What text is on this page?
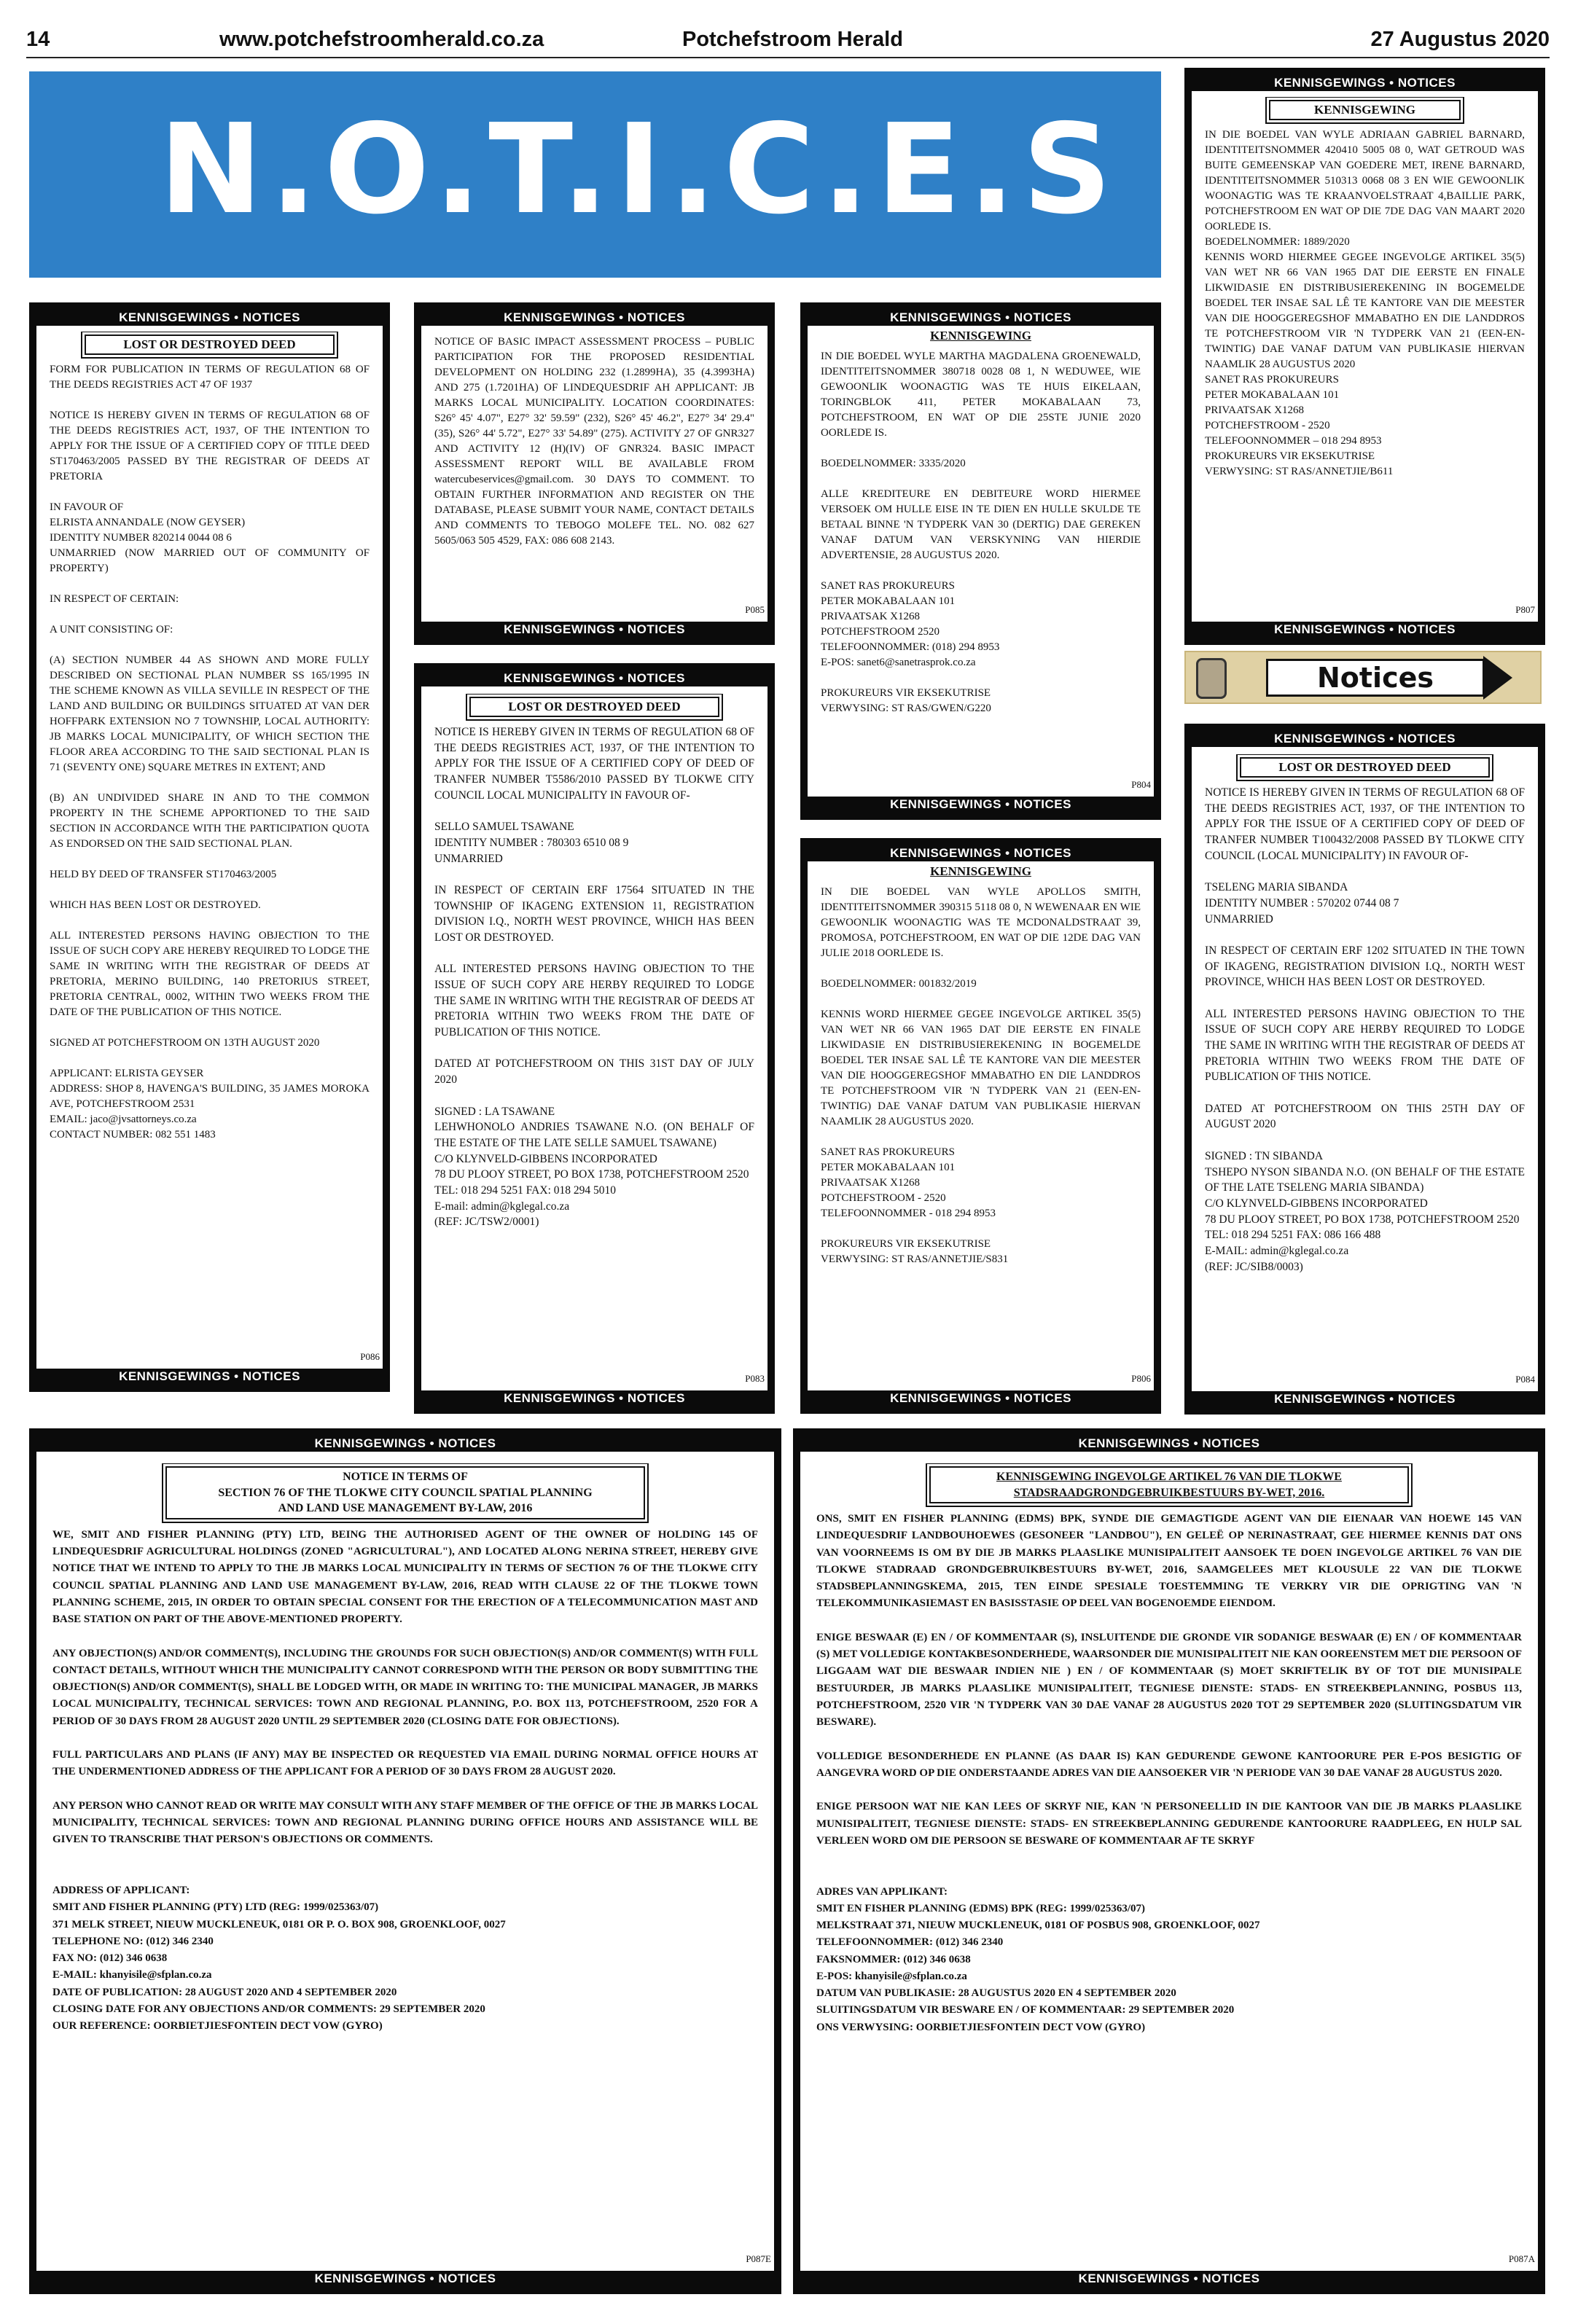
14	www.potchefstroomherald.co.za	Potchefstroom Herald	27 Augustus 2020
N.O.T.I.C.E.S
Notices
KENNISGEWINGS • NOTICES
LOST OR DESTROYED DEED
FORM FOR PUBLICATION IN TERMS OF REGULATION 68 OF THE DEEDS REGISTRIES ACT 47 OF 1937

NOTICE IS HEREBY GIVEN IN TERMS OF REGULATION 68 OF THE DEEDS REGISTRIES ACT, 1937, OF THE INTENTION TO APPLY FOR THE ISSUE OF A CERTIFIED COPY OF TITLE DEED ST170463/2005 PASSED BY THE REGISTRAR OF DEEDS AT PRETORIA

IN FAVOUR OF
ELRISTA ANNANDALE (NOW GEYSER)
IDENTITY NUMBER 820214 0044 08 6
UNMARRIED (NOW MARRIED OUT OF COMMUNITY OF PROPERTY)

IN RESPECT OF CERTAIN:

A UNIT CONSISTING OF:

(A) SECTION NUMBER 44 AS SHOWN AND MORE FULLY DESCRIBED ON SECTIONAL PLAN NUMBER SS 165/1995 IN THE SCHEME KNOWN AS VILLA SEVILLE IN RESPECT OF THE LAND AND BUILDING OR BUILDINGS SITUATED AT VAN DER HOFFPARK EXTENSION NO 7 TOWNSHIP, LOCAL AUTHORITY: JB MARKS LOCAL MUNICIPALITY, OF WHICH SECTION THE FLOOR AREA ACCORDING TO THE SAID SECTIONAL PLAN IS 71 (SEVENTY ONE) SQUARE METRES IN EXTENT; AND

(B) AN UNDIVIDED SHARE IN AND TO THE COMMON PROPERTY IN THE SCHEME APPORTIONED TO THE SAID SECTION IN ACCORDANCE WITH THE PARTICIPATION QUOTA AS ENDORSED ON THE SAID SECTIONAL PLAN.

HELD BY DEED OF TRANSFER ST170463/2005

WHICH HAS BEEN LOST OR DESTROYED.

ALL INTERESTED PERSONS HAVING OBJECTION TO THE ISSUE OF SUCH COPY ARE HEREBY REQUIRED TO LODGE THE SAME IN WRITING WITH THE REGISTRAR OF DEEDS AT PRETORIA, MERINO BUILDING, 140 PRETORIUS STREET, PRETORIA CENTRAL, 0002, WITHIN TWO WEEKS FROM THE DATE OF THE PUBLICATION OF THIS NOTICE.

SIGNED AT POTCHEFSTROOM ON 13TH AUGUST 2020

APPLICANT: ELRISTA GEYSER
ADDRESS: SHOP 8, HAVENGA'S BUILDING, 35 JAMES MOROKA AVE, POTCHEFSTROOM 2531
EMAIL: jaco@jvsattorneys.co.za
CONTACT NUMBER: 082 551 1483
P086
KENNISGEWINGS • NOTICES
KENNISGEWINGS • NOTICES
NOTICE OF BASIC IMPACT ASSESSMENT PROCESS – PUBLIC PARTICIPATION FOR THE PROPOSED RESIDENTIAL DEVELOPMENT ON HOLDING 232 (1.2899HA), 35 (4.3993HA) AND 275 (1.7201HA) OF LINDEQUESDRIF AH APPLICANT: JB MARKS LOCAL MUNICIPALITY. LOCATION COORDINATES: S26° 45' 4.07", E27° 32' 59.59" (232), S26° 45' 46.2", E27° 34' 29.4" (35), S26° 44' 5.72", E27° 33' 54.89" (275). ACTIVITY 27 OF GNR327 AND ACTIVITY 12 (H)(IV) OF GNR324. BASIC IMPACT ASSESSMENT REPORT WILL BE AVAILABLE FROM watercubeservices@gmail.com. 30 DAYS TO COMMENT. TO OBTAIN FURTHER INFORMATION AND REGISTER ON THE DATABASE, PLEASE SUBMIT YOUR NAME, CONTACT DETAILS AND COMMENTS TO TEBOGO MOLEFE TEL. NO. 082 627 5605/063 505 4529, FAX: 086 608 2143.
P085
KENNISGEWINGS • NOTICES
KENNISGEWINGS • NOTICES
LOST OR DESTROYED DEED
NOTICE IS HEREBY GIVEN IN TERMS OF REGULATION 68 OF THE DEEDS REGISTRIES ACT, 1937, OF THE INTENTION TO APPLY FOR THE ISSUE OF A CERTIFIED COPY OF DEED OF TRANFER NUMBER T5586/2010 PASSED BY TLOKWE CITY COUNCIL LOCAL MUNICIPALITY IN FAVOUR OF-

SELLO SAMUEL TSAWANE
IDENTITY NUMBER : 780303 6510 08 9
UNMARRIED

IN RESPECT OF CERTAIN ERF 17564 SITUATED IN THE TOWNSHIP OF IKAGENG EXTENSION 11, REGISTRATION DIVISION I.Q., NORTH WEST PROVINCE, WHICH HAS BEEN LOST OR DESTROYED.

ALL INTERESTED PERSONS HAVING OBJECTION TO THE ISSUE OF SUCH COPY ARE HERBY REQUIRED TO LODGE THE SAME IN WRITING WITH THE REGISTRAR OF DEEDS AT PRETORIA WITHIN TWO WEEKS FROM THE DATE OF PUBLICATION OF THIS NOTICE.

DATED AT POTCHEFSTROOM ON THIS 31ST DAY OF JULY 2020

SIGNED : LA TSAWANE
LEHWHONOLO ANDRIES TSAWANE N.O. (ON BEHALF OF THE ESTATE OF THE LATE SELLE SAMUEL TSAWANE)
C/O KLYNVELD-GIBBENS INCORPORATED
78 DU PLOOY STREET, PO BOX 1738, POTCHEFSTROOM 2520
TEL: 018 294 5251 FAX: 018 294 5010
E-mail: admin@kglegal.co.za
(REF: JC/TSW2/0001)
P083
KENNISGEWINGS • NOTICES
KENNISGEWINGS • NOTICES
KENNISGEWING
IN DIE BOEDEL WYLE MARTHA MAGDALENA GROENEWALD, IDENTITEITSNOMMER 380718 0028 08 1, N WEDUWEE, WIE GEWOONLIK WOONAGTIG WAS TE HUIS EIKELAAN, TORINGBLOK 411, PETER MOKABALAAN 73, POTCHEFSTROOM, EN WAT OP DIE 25STE JUNIE 2020 OORLEDE IS.

BOEDELNOMMER: 3335/2020

ALLE KREDITEURE EN DEBITEURE WORD HIERMEE VERSOEK OM HULLE EISE IN TE DIEN EN HULLE SKULDE TE BETAAL BINNE 'N TYDPERK VAN 30 (DERTIG) DAE GEREKEN VANAF DATUM VAN VERSKYNING VAN HIERDIE ADVERTENSIE, 28 AUGUSTUS 2020.

SANET RAS PROKUREURS
PETER MOKABALAAN 101
PRIVAATSAK X1268
POTCHEFSTROOM 2520
TELEFOONNOMMER: (018) 294 8953
E-POS: sanet6@sanetrasprok.co.za

PROKUREURS VIR EKSEKUTRISE
VERWYSING: ST RAS/GWEN/G220
P804
KENNISGEWINGS • NOTICES
KENNISGEWINGS • NOTICES
KENNISGEWING
IN DIE BOEDEL VAN WYLE APOLLOS SMITH, IDENTITEITSNOMMER 390315 5118 08 0, N WEWENAAR EN WIE GEWOONLIK WOONAGTIG WAS TE MCDONALDSTRAAT 39, PROMOSA, POTCHEFSTROOM, EN WAT OP DIE 12DE DAG VAN JULIE 2018 OORLEDE IS.

BOEDELNOMMER: 001832/2019

KENNIS WORD HIERMEE GEGEE INGEVOLGE ARTIKEL 35(5) VAN WET NR 66 VAN 1965 DAT DIE EERSTE EN FINALE LIKWIDASIE EN DISTRIBUSIEREKENING IN BOGEMELDE BOEDEL TER INSAE SAL LÊ TE KANTORE VAN DIE MEESTER VAN DIE HOOGGEREGSHOF MMABATHO EN DIE LANDDROS TE POTCHEFSTROOM VIR 'N TYDPERK VAN 21 (EEN-EN-TWINTIG) DAE VANAF DATUM VAN PUBLIKASIE HIERVAN NAAMLIK 28 AUGUSTUS 2020.

SANET RAS PROKUREURS
PETER MOKABALAAN 101
PRIVAATSAK X1268
POTCHEFSTROOM - 2520
TELEFOONNOMMER - 018 294 8953

PROKUREURS VIR EKSEKUTRISE
VERWYSING: ST RAS/ANNETJIE/S831
P806
KENNISGEWINGS • NOTICES
KENNISGEWINGS • NOTICES
KENNISGEWING
IN DIE BOEDEL VAN WYLE ADRIAAN GABRIEL BARNARD, IDENTITEITSNOMMER 420410 5005 08 0, WAT GETROUD WAS BUITE GEMEENSKAP VAN GOEDERE MET, IRENE BARNARD, IDENTITEITSNOMMER 510313 0068 08 3 EN WIE GEWOONLIK WOONAGTIG WAS TE KRAANVOELSTRAAT 4,BAILLIE PARK, POTCHEFSTROOM EN WAT OP DIE 7DE DAG VAN MAART 2020 OORLEDE IS.
BOEDELNOMMER: 1889/2020
KENNIS WORD HIERMEE GEGEE INGEVOLGE ARTIKEL 35(5) VAN WET NR 66 VAN 1965 DAT DIE EERSTE EN FINALE LIKWIDASIE EN DISTRIBUSIEREKENING IN BOGEMELDE BOEDEL TER INSAE SAL LÊ TE KANTORE VAN DIE MEESTER VAN DIE HOOGGEREGSHOF MMABATHO EN DIE LANDDROS TE POTCHEFSTROOM VIR 'N TYDPERK VAN 21 (EEN-EN-TWINTIG) DAE VANAF DATUM VAN PUBLIKASIE HIERVAN NAAMLIK 28 AUGUSTUS 2020
SANET RAS PROKUREURS
PETER MOKABALAAN 101
PRIVAATSAK X1268
POTCHEFSTROOM - 2520
TELEFOONNOMMER – 018 294 8953
PROKUREURS VIR EKSEKUTRISE
VERWYSING: ST RAS/ANNETJIE/B611
P807
KENNISGEWINGS • NOTICES
KENNISGEWINGS • NOTICES
LOST OR DESTROYED DEED
NOTICE IS HEREBY GIVEN IN TERMS OF REGULATION 68 OF THE DEEDS REGISTRIES ACT, 1937, OF THE INTENTION TO APPLY FOR THE ISSUE OF A CERTIFIED COPY OF DEED OF TRANFER NUMBER T100432/2008 PASSED BY TLOKWE CITY COUNCIL (LOCAL MUNICIPALITY) IN FAVOUR OF-

TSELENG MARIA SIBANDA
IDENTITY NUMBER : 570202 0744 08 7
UNMARRIED

IN RESPECT OF CERTAIN ERF 1202 SITUATED IN THE TOWN OF IKAGENG, REGISTRATION DIVISION I.Q., NORTH WEST PROVINCE, WHICH HAS BEEN LOST OR DESTROYED.

ALL INTERESTED PERSONS HAVING OBJECTION TO THE ISSUE OF SUCH COPY ARE HERBY REQUIRED TO LODGE THE SAME IN WRITING WITH THE REGISTRAR OF DEEDS AT PRETORIA WITHIN TWO WEEKS FROM THE DATE OF PUBLICATION OF THIS NOTICE.

DATED AT POTCHEFSTROOM ON THIS 25TH DAY OF AUGUST 2020

SIGNED : TN SIBANDA
TSHEPO NYSON SIBANDA N.O. (ON BEHALF OF THE ESTATE OF THE LATE TSELENG MARIA SIBANDA)
C/O KLYNVELD-GIBBENS INCORPORATED
78 DU PLOOY STREET, PO BOX 1738, POTCHEFSTROOM 2520
TEL: 018 294 5251 FAX: 086 166 488
E-MAIL: admin@kglegal.co.za
(REF: JC/SIB8/0003)
P084
KENNISGEWINGS • NOTICES
KENNISGEWINGS • NOTICES
NOTICE IN TERMS OF
SECTION 76 OF THE TLOKWE CITY COUNCIL SPATIAL PLANNING
AND LAND USE MANAGEMENT BY-LAW, 2016
WE, SMIT AND FISHER PLANNING (PTY) LTD, BEING THE AUTHORISED AGENT OF THE OWNER OF HOLDING 145 OF LINDEQUESDRIF AGRICULTURAL HOLDINGS (ZONED "AGRICULTURAL"), AND LOCATED ALONG NERINA STREET, HEREBY GIVE NOTICE THAT WE INTEND TO APPLY TO THE JB MARKS LOCAL MUNICIPALITY IN TERMS OF SECTION 76 OF THE TLOKWE CITY COUNCIL SPATIAL PLANNING AND LAND USE MANAGEMENT BY-LAW, 2016, READ WITH CLAUSE 22 OF THE TLOKWE TOWN PLANNING SCHEME, 2015, IN ORDER TO OBTAIN SPECIAL CONSENT FOR THE ERECTION OF A TELECOMMUNICATION MAST AND BASE STATION ON PART OF THE ABOVE-MENTIONED PROPERTY.

ANY OBJECTION(S) AND/OR COMMENT(S), INCLUDING THE GROUNDS FOR SUCH OBJECTION(S) AND/OR COMMENT(S) WITH FULL CONTACT DETAILS, WITHOUT WHICH THE MUNICIPALITY CANNOT CORRESPOND WITH THE PERSON OR BODY SUBMITTING THE OBJECTION(S) AND/OR COMMENT(S), SHALL BE LODGED WITH, OR MADE IN WRITING TO: THE MUNICIPAL MANAGER, JB MARKS LOCAL MUNICIPALITY, TECHNICAL SERVICES: TOWN AND REGIONAL PLANNING, P.O. BOX 113, POTCHEFSTROOM, 2520 FOR A PERIOD OF 30 DAYS FROM 28 AUGUST 2020 UNTIL 29 SEPTEMBER 2020 (CLOSING DATE FOR OBJECTIONS).

FULL PARTICULARS AND PLANS (IF ANY) MAY BE INSPECTED OR REQUESTED VIA EMAIL DURING NORMAL OFFICE HOURS AT THE UNDERMENTIONED ADDRESS OF THE APPLICANT FOR A PERIOD OF 30 DAYS FROM 28 AUGUST 2020.

ANY PERSON WHO CANNOT READ OR WRITE MAY CONSULT WITH ANY STAFF MEMBER OF THE OFFICE OF THE JB MARKS LOCAL MUNICIPALITY, TECHNICAL SERVICES: TOWN AND REGIONAL PLANNING DURING OFFICE HOURS AND ASSISTANCE WILL BE GIVEN TO TRANSCRIBE THAT PERSON'S OBJECTIONS OR COMMENTS.

ADDRESS OF APPLICANT:
SMIT AND FISHER PLANNING (PTY) LTD (REG: 1999/025363/07)
371 MELK STREET, NIEUW MUCKLENEUK, 0181 OR P. O. BOX 908, GROENKLOOF, 0027
TELEPHONE NO: (012) 346 2340
FAX NO: (012) 346 0638
E-MAIL: khanyisile@sfplan.co.za
DATE OF PUBLICATION: 28 AUGUST 2020 AND 4 SEPTEMBER 2020
CLOSING DATE FOR ANY OBJECTIONS AND/OR COMMENTS: 29 SEPTEMBER 2020
OUR REFERENCE: OORBIETJIESFONTEIN DECT VOW (GYRO)
P087E
KENNISGEWINGS • NOTICES
KENNISGEWINGS • NOTICES
KENNISGEWING INGEVOLGE ARTIKEL 76 VAN DIE TLOKWE
STADSRAADGRONDGEBRUIKBESTUURS BY-WET, 2016.
ONS, SMIT EN FISHER PLANNING (EDMS) BPK, SYNDE DIE GEMAGTIGDE AGENT VAN DIE EIENAAR VAN HOEWE 145 VAN LINDEQUESDRIF LANDBOUHOEWES (GESONEER "LANDBOU"), EN GELEË OP NERINASTRAAT, GEE HIERMEE KENNIS DAT ONS VAN VOORNEEMS IS OM BY DIE JB MARKS PLAASLIKE MUNISIPALITEIT AANSOEK TE DOEN INGEVOLGE ARTIKEL 76 VAN DIE TLOKWE STADRAAD GRONDGEBRUIKBESTUURS BY-WET, 2016, SAAMGELEES MET KLOUSULE 22 VAN DIE TLOKWE STADSBEPLANNINGSKEMA, 2015, TEN EINDE SPESIALE TOESTEMMING TE VERKRY VIR DIE OPRIGTING VAN 'N TELEKOMMUNIKASIEMAST EN BASISSTASIE OP DEEL VAN BOGENOEMDE EIENDOM.

ENIGE BESWAAR (E) EN / OF KOMMENTAAR (S), INSLUITENDE DIE GRONDE VIR SODANIGE BESWAAR (E) EN / OF KOMMENTAAR (S) MET VOLLEDIGE KONTAKBESONDERHEDE, WAARSONDER DIE MUNISIPALITEIT NIE KAN OOREENSTEM MET DIE PERSOON OF LIGGAAM WAT DIE BESWAAR INDIEN NIE ) EN / OF KOMMENTAAR (S) MOET SKRIFTELIK BY OF TOT DIE MUNISIPALE BESTUURDER, JB MARKS PLAASLIKE MUNISIPALITEIT, TEGNIESE DIENSTE: STADS- EN STREEKBEPLANNING, POSBUS 113, POTCHEFSTROOM, 2520 VIR 'N TYDPERK VAN 30 DAE VANAF 28 AUGUSTUS 2020 TOT 29 SEPTEMBER 2020 (SLUITINGSDATUM VIR BESWARE).

VOLLEDIGE BESONDERHEDE EN PLANNE (AS DAAR IS) KAN GEDURENDE GEWONE KANTOORURE PER E-POS BESIGTIG OF AANGEVRA WORD OP DIE ONDERSTAANDE ADRES VAN DIE AANSOEKER VIR 'N PERIODE VAN 30 DAE VANAF 28 AUGUSTUS 2020.

ENIGE PERSOON WAT NIE KAN LEES OF SKRYF NIE, KAN 'N PERSONEELLID IN DIE KANTOOR VAN DIE JB MARKS PLAASLIKE MUNISIPALITEIT, TEGNIESE DIENSTE: STADS- EN STREEKBEPLANNING GEDURENDE KANTOORURE RAADPLEEG, EN HULP SAL VERLEEN WORD OM DIE PERSOON SE BESWARE OF KOMMENTAAR AF TE SKRYF

ADRES VAN APPLIKANT:
SMIT EN FISHER PLANNING (EDMS) BPK (REG: 1999/025363/07)
MELKSTRAAT 371, NIEUW MUCKLENEUK, 0181 OF POSBUS 908, GROENKLOOF, 0027
TELEFOONNOMMER: (012) 346 2340
FAKSNOMMER: (012) 346 0638
E-POS: khanyisile@sfplan.co.za
DATUM VAN PUBLIKASIE: 28 AUGUSTUS 2020 EN 4 SEPTEMBER 2020
SLUITINGSDATUM VIR BESWARE EN / OF KOMMENTAAR: 29 SEPTEMBER 2020
ONS VERWYSING: OORBIETJIESFONTEIN DECT VOW (GYRO)
P087A
KENNISGEWINGS • NOTICES
